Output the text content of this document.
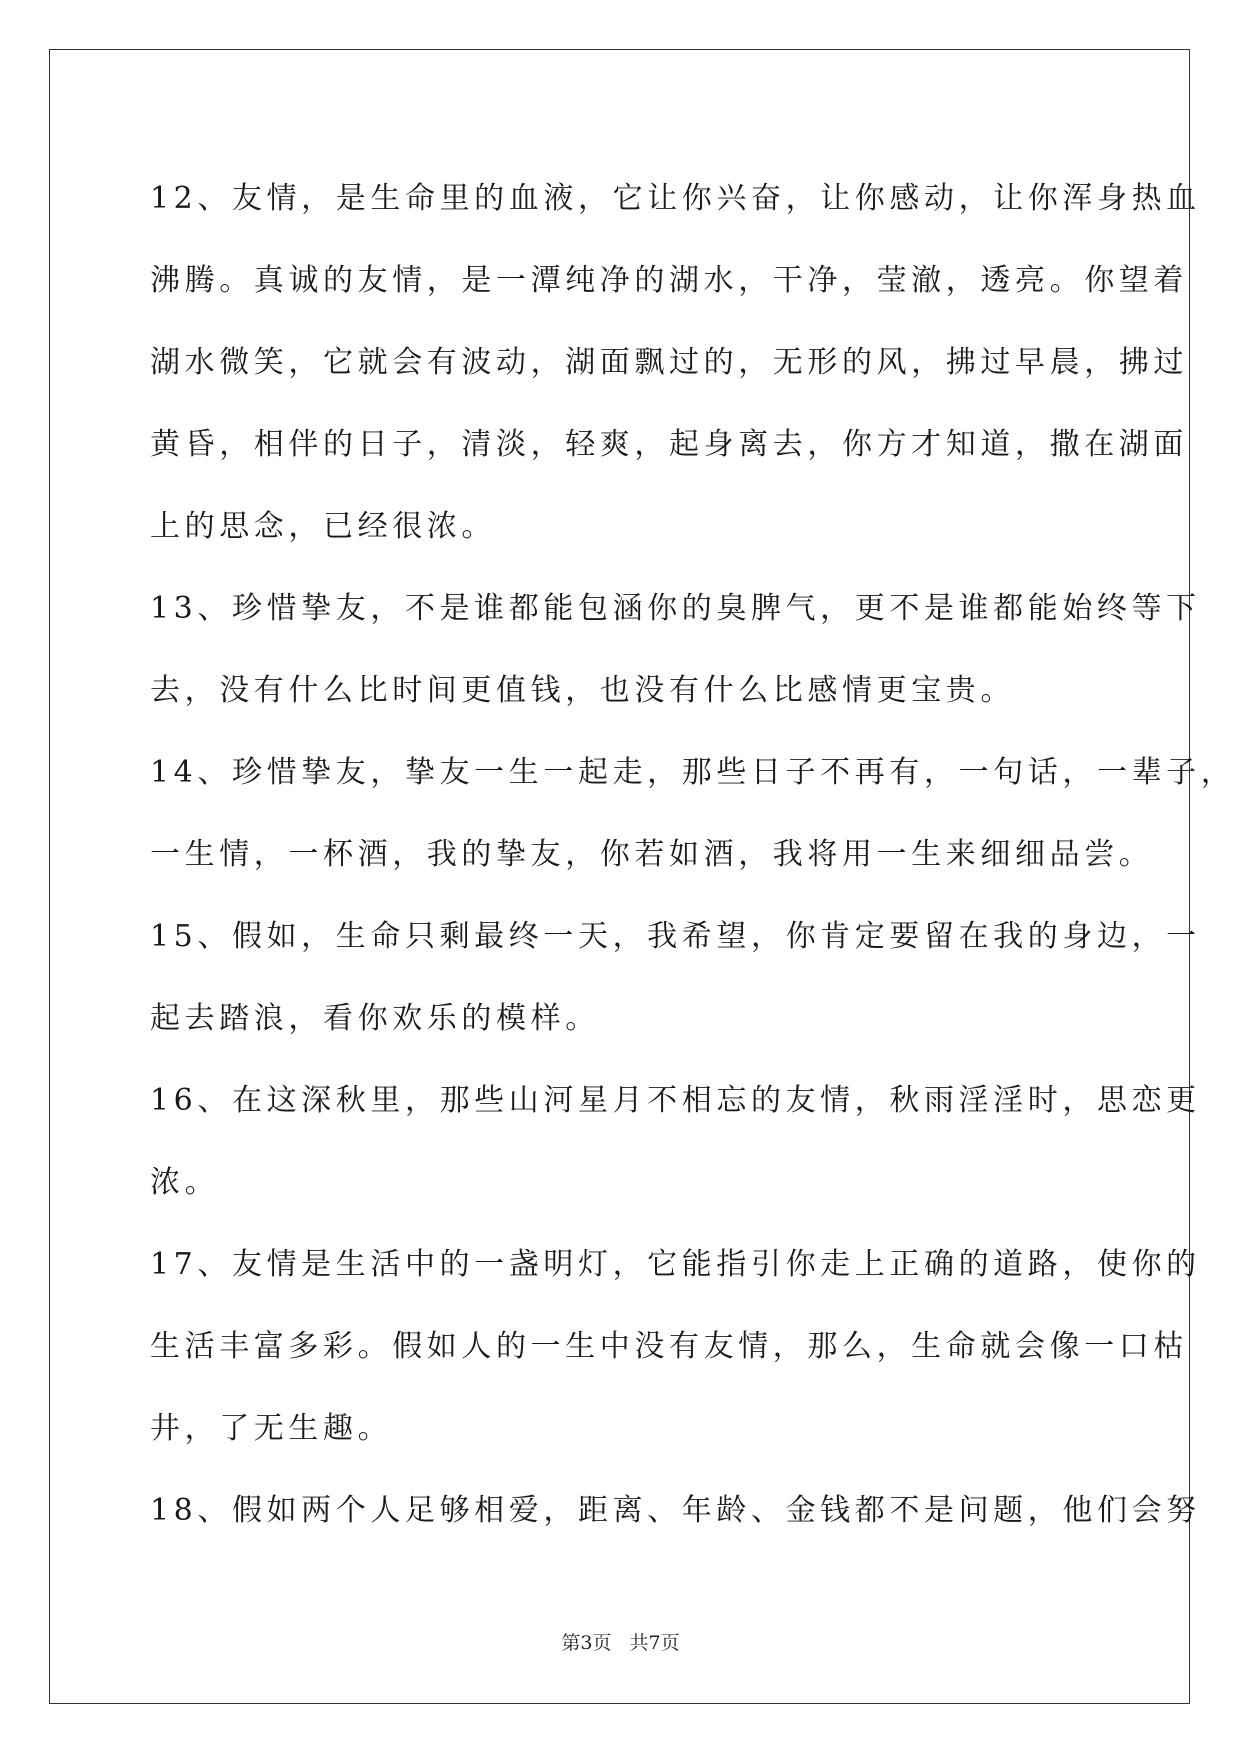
12、友情，是生命里的血液，它让你兴奋，让你感动，让你浑身热血
沸腾。真诚的友情，是一潭纯净的湖水，干净，莹澈，透亮。你望着
湖水微笑，它就会有波动，湖面飘过的，无形的风，拂过早晨，拂过
黄昏，相伴的日子，清淡，轻爽，起身离去，你方才知道，撒在湖面
上的思念，已经很浓。
13、珍惜挚友，不是谁都能包涵你的臭脾气，更不是谁都能始终等下
去，没有什么比时间更值钱，也没有什么比感情更宝贵。
14、珍惜挚友，挚友一生一起走，那些日子不再有，一句话，一辈子，
一生情，一杯酒，我的挚友，你若如酒，我将用一生来细细品尝。
15、假如，生命只剩最终一天，我希望，你肯定要留在我的身边，一
起去踏浪，看你欢乐的模样。
16、在这深秋里，那些山河星月不相忘的友情，秋雨淫淫时，思恋更
浓。
17、友情是生活中的一盏明灯，它能指引你走上正确的道路，使你的
生活丰富多彩。假如人的一生中没有友情，那么，生命就会像一口枯
井，了无生趣。
18、假如两个人足够相爱，距离、年龄、金钱都不是问题，他们会努
第3页 共7页
